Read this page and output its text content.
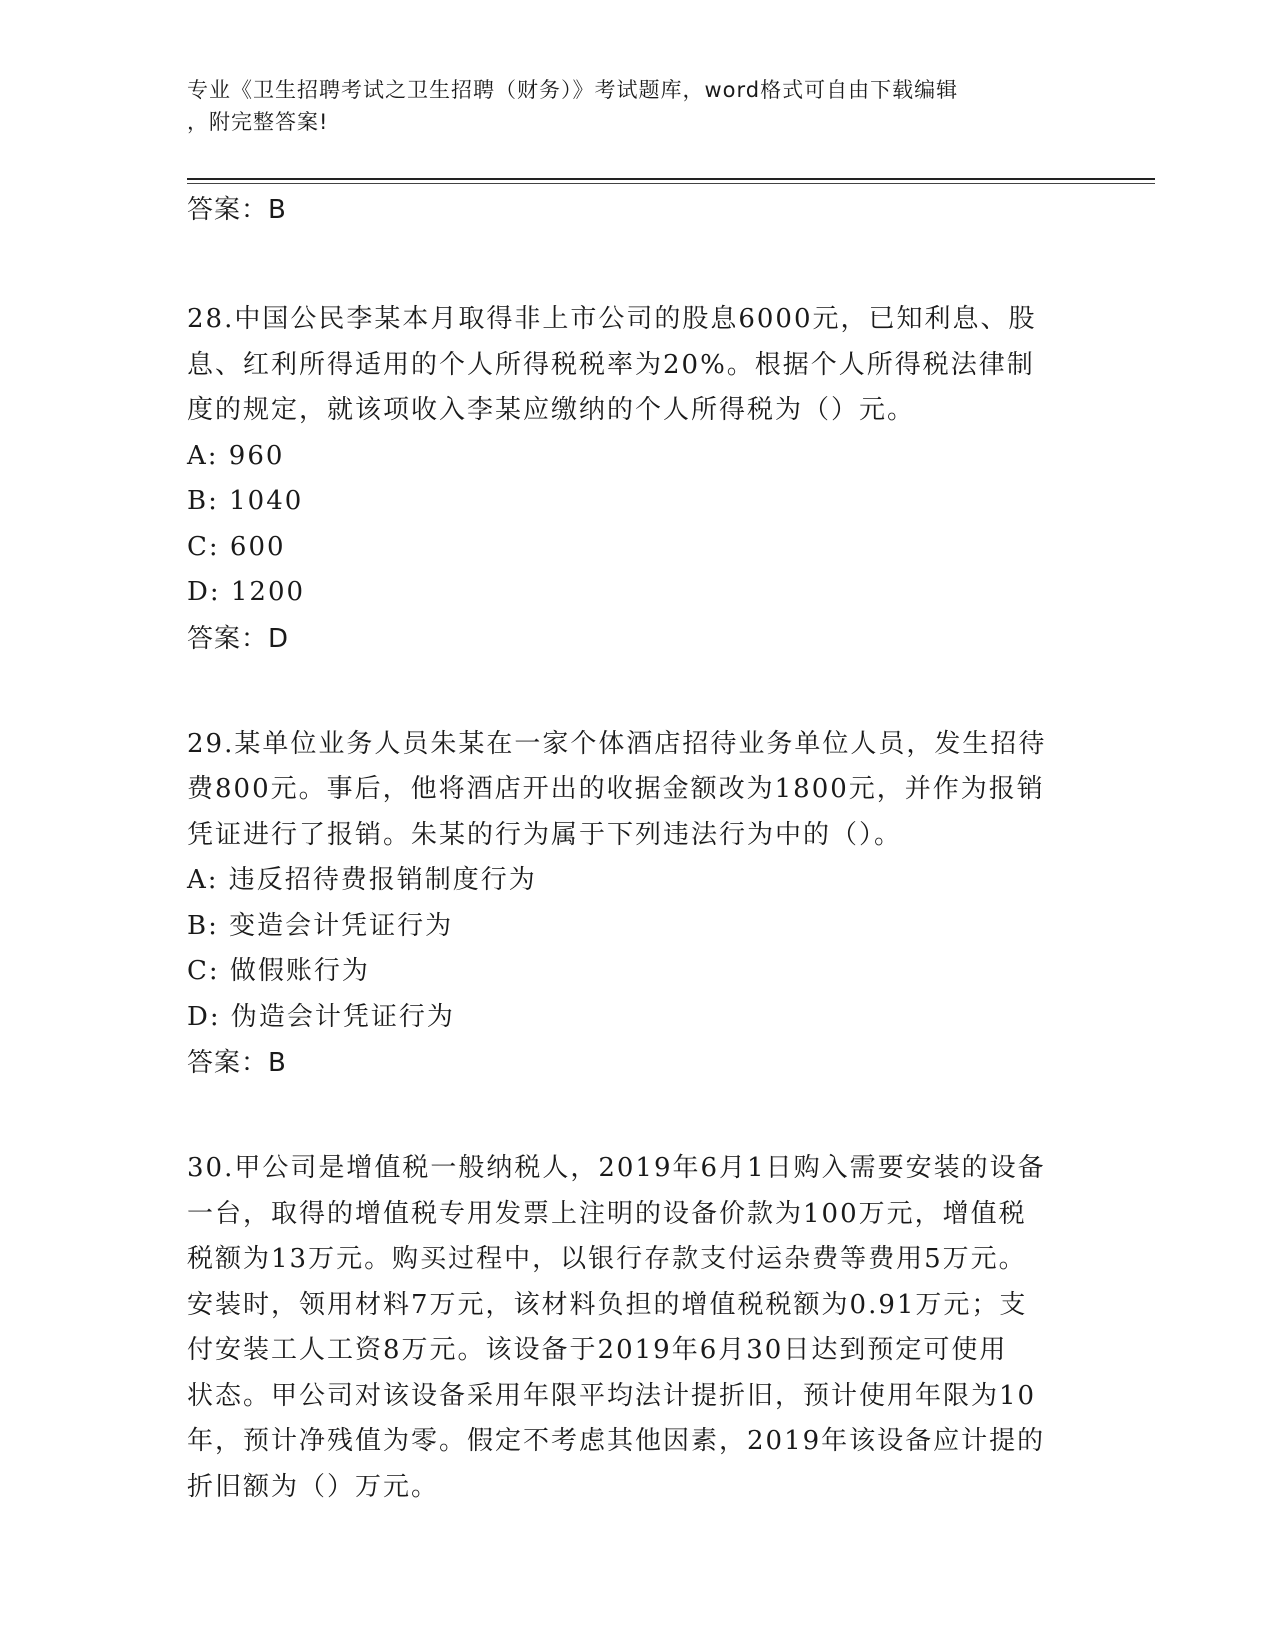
专业《卫生招聘考试之卫生招聘（财务）》考试题库，word格式可自由下载编辑
，附完整答案!
答案：B
28.中国公民李某本月取得非上市公司的股息6000元，已知利息、股
息、红利所得适用的个人所得税税率为20%。根据个人所得税法律制
度的规定，就该项收入李某应缴纳的个人所得税为（）元。
A: 960
B: 1040
C: 600
D: 1200
答案：D
29.某单位业务人员朱某在一家个体酒店招待业务单位人员，发生招待
费800元。事后，他将酒店开出的收据金额改为1800元，并作为报销
凭证进行了报销。朱某的行为属于下列违法行为中的（）。
A: 违反招待费报销制度行为
B: 变造会计凭证行为
C: 做假账行为
D: 伪造会计凭证行为
答案：B
30.甲公司是增值税一般纳税人，2019年6月1日购入需要安装的设备
一台，取得的增值税专用发票上注明的设备价款为100万元，增值税
税额为13万元。购买过程中，以银行存款支付运杂费等费用5万元。
安装时，领用材料7万元，该材料负担的增值税税额为0.91万元；支
付安装工人工资8万元。该设备于2019年6月30日达到预定可使用
状态。甲公司对该设备采用年限平均法计提折旧，预计使用年限为10
年，预计净残值为零。假定不考虑其他因素，2019年该设备应计提的
折旧额为（）万元。
